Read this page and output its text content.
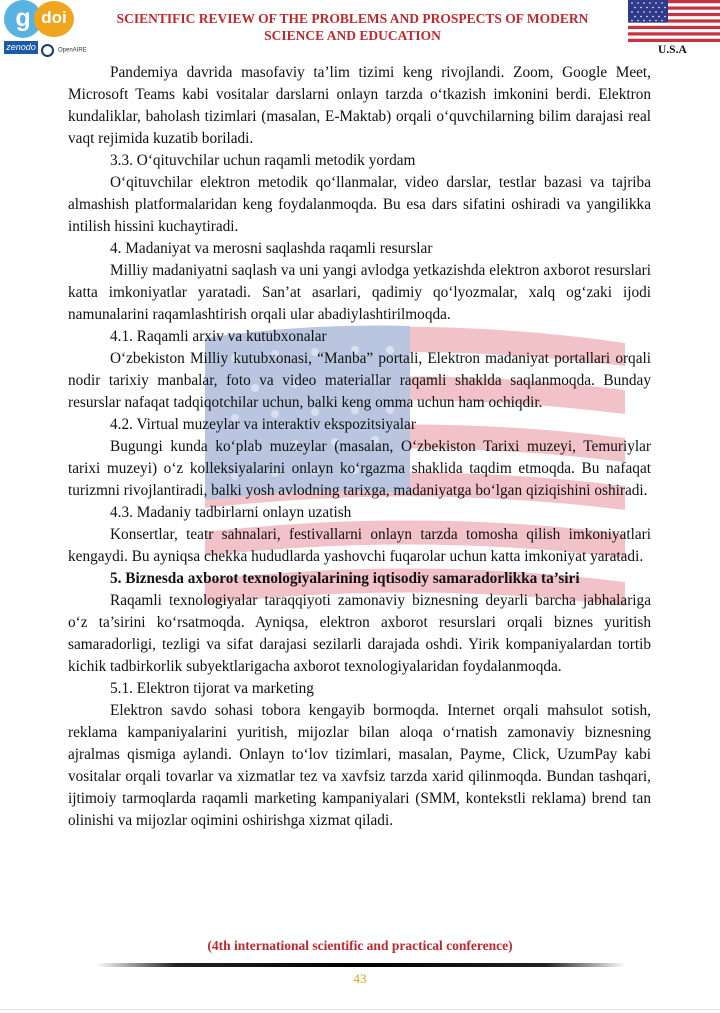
g doi
zenodo	OpenAIRE
SCIENTIFIC REVIEW OF THE PROBLEMS AND PROSPECTS OF MODERN
SCIENCE AND EDUCATION
U.S.A

Pandemiya davrida masofaviy ta’lim tizimi keng rivojlandi. Zoom, Google Meet, Microsoft Teams kabi vositalar darslarni onlayn tarzda o‘tkazish imkonini berdi. Elektron kundaliklar, baholash tizimlari (masalan, E-Maktab) orqali o‘quvchilarning bilim darajasi real vaqt rejimida kuzatib boriladi.

3.3. O‘qituvchilar uchun raqamli metodik yordam

O‘qituvchilar elektron metodik qo‘llanmalar, video darslar, testlar bazasi va tajriba almashish platformalaridan keng foydalanmoqda. Bu esa dars sifatini oshiradi va yangilikka intilish hissini kuchaytiradi.

4. Madaniyat va merosni saqlashda raqamli resurslar

Milliy madaniyatni saqlash va uni yangi avlodga yetkazishda elektron axborot resurslari katta imkoniyatlar yaratadi. San’at asarlari, qadimiy qo‘lyozmalar, xalq og‘zaki ijodi namunalarini raqamlashtirish orqali ular abadiylashtirilmoqda.

4.1. Raqamli arxiv va kutubxonalar

O‘zbekiston Milliy kutubxonasi, “Manba” portali, Elektron madaniyat portallari orqali nodir tarixiy manbalar, foto va video materiallar raqamli shaklda saqlanmoqda. Bunday resurslar nafaqat tadqiqotchilar uchun, balki keng omma uchun ham ochiqdir.

4.2. Virtual muzeylar va interaktiv ekspozitsiyalar

Bugungi kunda ko‘plab muzeylar (masalan, O‘zbekiston Tarixi muzeyi, Temuriylar tarixi muzeyi) o‘z kolleksiyalarini onlayn ko‘rgazma shaklida taqdim etmoqda. Bu nafaqat turizmni rivojlantiradi, balki yosh avlodning tarixga, madaniyatga bo‘lgan qiziqishini oshiradi.

4.3. Madaniy tadbirlarni onlayn uzatish

Konsertlar, teatr sahnalari, festivallarni onlayn tarzda tomosha qilish imkoniyatlari kengaydi. Bu ayniqsa chekka hududlarda yashovchi fuqarolar uchun katta imkoniyat yaratadi.

5. Biznesda axborot texnologiyalarining iqtisodiy samaradorlikka ta’siri

Raqamli texnologiyalar taraqqiyoti zamonaviy biznesning deyarli barcha jabhalariga o‘z ta’sirini ko‘rsatmoqda. Ayniqsa, elektron axborot resurslari orqali biznes yuritish samaradorligi, tezligi va sifat darajasi sezilarli darajada oshdi. Yirik kompaniyalardan tortib kichik tadbirkorlik subyektlarigacha axborot texnologiyalaridan foydalanmoqda.

5.1. Elektron tijorat va marketing

Elektron savdo sohasi tobora kengayib bormoqda. Internet orqali mahsulot sotish, reklama kampaniyalarini yuritish, mijozlar bilan aloqa o‘rnatish zamonaviy biznesning ajralmas qismiga aylandi. Onlayn to‘lov tizimlari, masalan, Payme, Click, UzumPay kabi vositalar orqali tovarlar va xizmatlar tez va xavfsiz tarzda xarid qilinmoqda. Bundan tashqari, ijtimoiy tarmoqlarda raqamli marketing kampaniyalari (SMM, kontekstli reklama) brend tan olinishi va mijozlar oqimini oshirishga xizmat qiladi.

(4th international scientific and practical conference)
43
